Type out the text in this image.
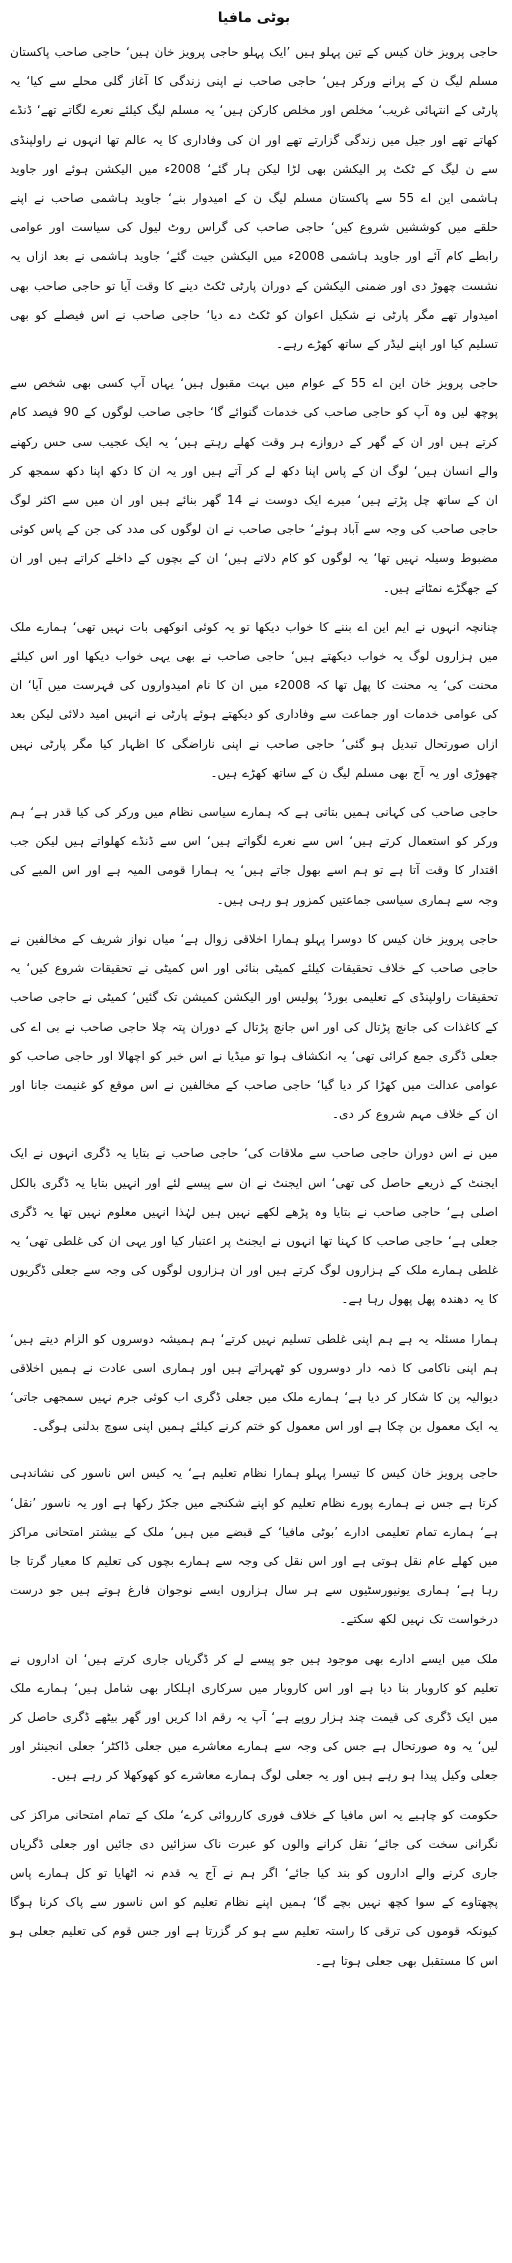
بوٹی مافیا
حاجی پرویز خان کیس کے تین پہلو ہیں ’ایک پہلو حاجی پرویز خان ہیں‘ حاجی صاحب پاکستان مسلم لیگ ن کے پرانے ورکر ہیں‘ حاجی صاحب نے اپنی زندگی کا آغاز گلی محلے سے کیا‘ یہ پارٹی کے انتہائی غریب‘ مخلص اور مخلص کارکن ہیں‘ یہ مسلم لیگ کیلئے نعرے لگاتے تھے‘ ڈنڈے کھاتے تھے اور جیل میں زندگی گزارتے تھے اور ان کی وفاداری کا یہ عالم تھا انہوں نے راولپنڈی سے ن لیگ کے ٹکٹ پر الیکشن بھی لڑا لیکن ہار گئے‘ 2008ء میں الیکشن ہوئے اور جاوید ہاشمی این اے 55 سے پاکستان مسلم لیگ ن کے امیدوار بنے‘ جاوید ہاشمی صاحب نے اپنے حلقے میں کوششیں شروع کیں‘ حاجی صاحب کی گراس روٹ لیول کی سیاست اور عوامی رابطے کام آئے اور جاوید ہاشمی 2008ء میں الیکشن جیت گئے‘ جاوید ہاشمی نے بعد ازاں یہ نشست چھوڑ دی اور ضمنی الیکشن کے دوران پارٹی ٹکٹ دینے کا وقت آیا تو حاجی صاحب بھی امیدوار تھے مگر پارٹی نے شکیل اعوان کو ٹکٹ دے دیا‘ حاجی صاحب نے اس فیصلے کو بھی تسلیم کیا اور اپنے لیڈر کے ساتھ کھڑے رہے۔
حاجی پرویز خان این اے 55 کے عوام میں بہت مقبول ہیں‘ یہاں آپ کسی بھی شخص سے پوچھ لیں وہ آپ کو حاجی صاحب کی خدمات گنوائے گا‘ حاجی صاحب لوگوں کے 90 فیصد کام کرتے ہیں اور ان کے گھر کے دروازے ہر وقت کھلے رہتے ہیں‘ یہ ایک عجیب سی حس رکھنے والے انسان ہیں‘ لوگ ان کے پاس اپنا دکھ لے کر آتے ہیں اور یہ ان کا دکھ اپنا دکھ سمجھ کر ان کے ساتھ چل پڑتے ہیں‘ میرے ایک دوست نے 14 گھر بنائے ہیں اور ان میں سے اکثر لوگ حاجی صاحب کی وجہ سے آباد ہوئے‘ حاجی صاحب نے ان لوگوں کی مدد کی جن کے پاس کوئی مضبوط وسیلہ نہیں تھا‘ یہ لوگوں کو کام دلاتے ہیں‘ ان کے بچوں کے داخلے کراتے ہیں اور ان کے جھگڑے نمٹاتے ہیں۔
چنانچہ انہوں نے ایم این اے بننے کا خواب دیکھا تو یہ کوئی انوکھی بات نہیں تھی‘ ہمارے ملک میں ہزاروں لوگ یہ خواب دیکھتے ہیں‘ حاجی صاحب نے بھی یہی خواب دیکھا اور اس کیلئے محنت کی‘ یہ محنت کا پھل تھا کہ 2008ء میں ان کا نام امیدواروں کی فہرست میں آیا‘ ان کی عوامی خدمات اور جماعت سے وفاداری کو دیکھتے ہوئے پارٹی نے انہیں امید دلائی لیکن بعد ازاں صورتحال تبدیل ہو گئی‘ حاجی صاحب نے اپنی ناراضگی کا اظہار کیا مگر پارٹی نہیں چھوڑی اور یہ آج بھی مسلم لیگ ن کے ساتھ کھڑے ہیں۔
حاجی صاحب کی کہانی ہمیں بتاتی ہے کہ ہمارے سیاسی نظام میں ورکر کی کیا قدر ہے‘ ہم ورکر کو استعمال کرتے ہیں‘ اس سے نعرے لگواتے ہیں‘ اس سے ڈنڈے کھلواتے ہیں لیکن جب اقتدار کا وقت آتا ہے تو ہم اسے بھول جاتے ہیں‘ یہ ہمارا قومی المیہ ہے اور اس المیے کی وجہ سے ہماری سیاسی جماعتیں کمزور ہو رہی ہیں۔
حاجی پرویز خان کیس کا دوسرا پہلو ہمارا اخلاقی زوال ہے‘ میاں نواز شریف کے مخالفین نے حاجی صاحب کے خلاف تحقیقات کیلئے کمیٹی بنائی اور اس کمیٹی نے تحقیقات شروع کیں‘ یہ تحقیقات راولپنڈی کے تعلیمی بورڈ‘ پولیس اور الیکشن کمیشن تک گئیں‘ کمیٹی نے حاجی صاحب کے کاغذات کی جانچ پڑتال کی اور اس جانچ پڑتال کے دوران پتہ چلا حاجی صاحب نے بی اے کی جعلی ڈگری جمع کرائی تھی‘ یہ انکشاف ہوا تو میڈیا نے اس خبر کو اچھالا اور حاجی صاحب کو عوامی عدالت میں کھڑا کر دیا گیا‘ حاجی صاحب کے مخالفین نے اس موقع کو غنیمت جانا اور ان کے خلاف مہم شروع کر دی۔
میں نے اس دوران حاجی صاحب سے ملاقات کی‘ حاجی صاحب نے بتایا یہ ڈگری انہوں نے ایک ایجنٹ کے ذریعے حاصل کی تھی‘ اس ایجنٹ نے ان سے پیسے لئے اور انہیں بتایا یہ ڈگری بالکل اصلی ہے‘ حاجی صاحب نے بتایا وہ پڑھے لکھے نہیں ہیں لہٰذا انہیں معلوم نہیں تھا یہ ڈگری جعلی ہے‘ حاجی صاحب کا کہنا تھا انہوں نے ایجنٹ پر اعتبار کیا اور یہی ان کی غلطی تھی‘ یہ غلطی ہمارے ملک کے ہزاروں لوگ کرتے ہیں اور ان ہزاروں لوگوں کی وجہ سے جعلی ڈگریوں کا یہ دھندہ پھل پھول رہا ہے۔
ہمارا مسئلہ یہ ہے ہم اپنی غلطی تسلیم نہیں کرتے‘ ہم ہمیشہ دوسروں کو الزام دیتے ہیں‘ ہم اپنی ناکامی کا ذمہ دار دوسروں کو ٹھہراتے ہیں اور ہماری اسی عادت نے ہمیں اخلاقی دیوالیہ پن کا شکار کر دیا ہے‘ ہمارے ملک میں جعلی ڈگری اب کوئی جرم نہیں سمجھی جاتی‘ یہ ایک معمول بن چکا ہے اور اس معمول کو ختم کرنے کیلئے ہمیں اپنی سوچ بدلنی ہوگی۔
حاجی پرویز خان کیس کا تیسرا پہلو ہمارا نظام تعلیم ہے‘ یہ کیس اس ناسور کی نشاندہی کرتا ہے جس نے ہمارے پورے نظام تعلیم کو اپنے شکنجے میں جکڑ رکھا ہے اور یہ ناسور ’نقل‘ ہے‘ ہمارے تمام تعلیمی ادارے ’بوٹی مافیا‘ کے قبضے میں ہیں‘ ملک کے بیشتر امتحانی مراکز میں کھلے عام نقل ہوتی ہے اور اس نقل کی وجہ سے ہمارے بچوں کی تعلیم کا معیار گرتا جا رہا ہے‘ ہماری یونیورسٹیوں سے ہر سال ہزاروں ایسے نوجوان فارغ ہوتے ہیں جو درست درخواست تک نہیں لکھ سکتے۔
ملک میں ایسے ادارے بھی موجود ہیں جو پیسے لے کر ڈگریاں جاری کرتے ہیں‘ ان اداروں نے تعلیم کو کاروبار بنا دیا ہے اور اس کاروبار میں سرکاری اہلکار بھی شامل ہیں‘ ہمارے ملک میں ایک ڈگری کی قیمت چند ہزار روپے ہے‘ آپ یہ رقم ادا کریں اور گھر بیٹھے ڈگری حاصل کر لیں‘ یہ وہ صورتحال ہے جس کی وجہ سے ہمارے معاشرے میں جعلی ڈاکٹر‘ جعلی انجینئر اور جعلی وکیل پیدا ہو رہے ہیں اور یہ جعلی لوگ ہمارے معاشرے کو کھوکھلا کر رہے ہیں۔
حکومت کو چاہیے یہ اس مافیا کے خلاف فوری کارروائی کرے‘ ملک کے تمام امتحانی مراکز کی نگرانی سخت کی جائے‘ نقل کرانے والوں کو عبرت ناک سزائیں دی جائیں اور جعلی ڈگریاں جاری کرنے والے اداروں کو بند کیا جائے‘ اگر ہم نے آج یہ قدم نہ اٹھایا تو کل ہمارے پاس پچھتاوے کے سوا کچھ نہیں بچے گا‘ ہمیں اپنے نظام تعلیم کو اس ناسور سے پاک کرنا ہوگا کیونکہ قوموں کی ترقی کا راستہ تعلیم سے ہو کر گزرتا ہے اور جس قوم کی تعلیم جعلی ہو اس کا مستقبل بھی جعلی ہوتا ہے۔
